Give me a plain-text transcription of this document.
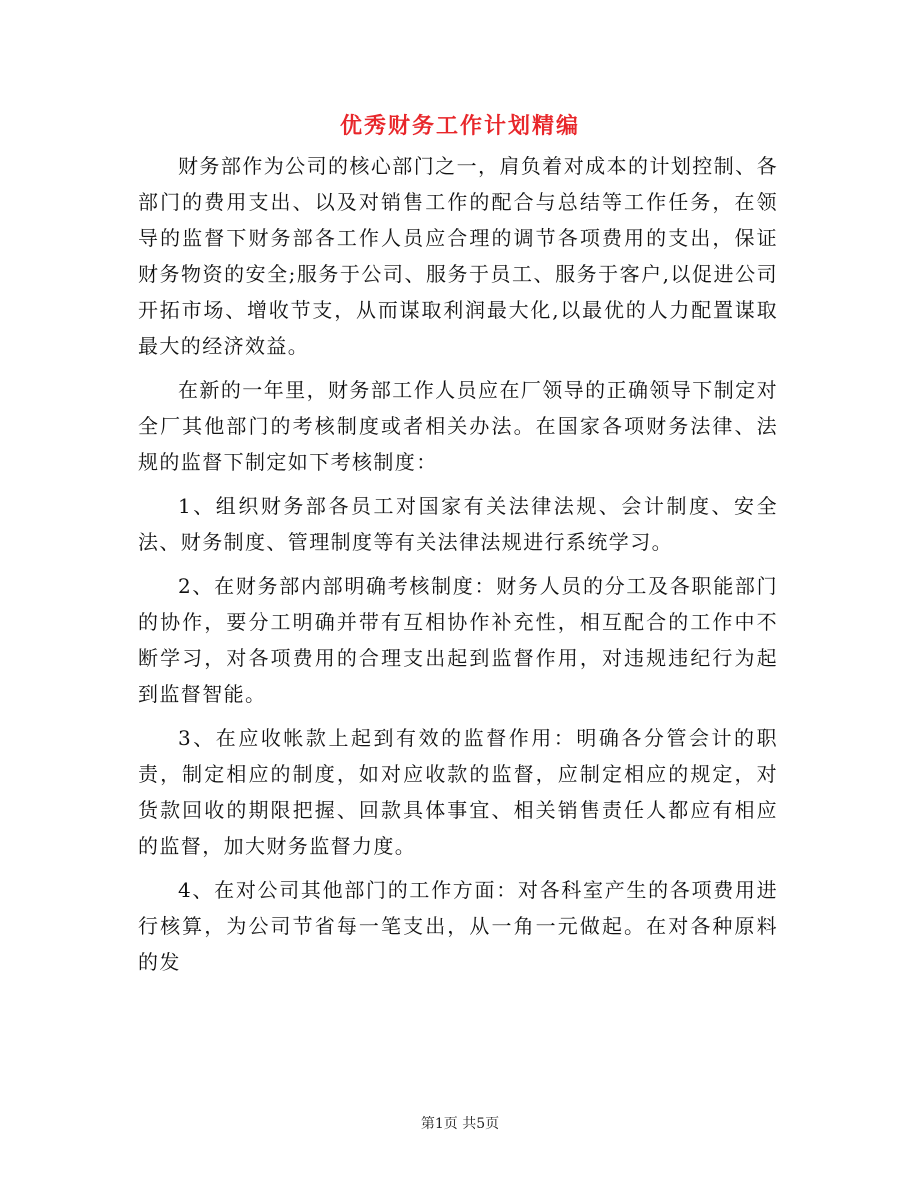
优秀财务工作计划精编

财务部作为公司的核心部门之一，肩负着对成本的计划控制、各部门的费用支出、以及对销售工作的配合与总结等工作任务，在领导的监督下财务部各工作人员应合理的调节各项费用的支出，保证财务物资的安全;服务于公司、服务于员工、服务于客户,以促进公司开拓市场、增收节支，从而谋取利润最大化,以最优的人力配置谋取最大的经济效益。

在新的一年里，财务部工作人员应在厂领导的正确领导下制定对全厂其他部门的考核制度或者相关办法。在国家各项财务法律、法规的监督下制定如下考核制度：

1、组织财务部各员工对国家有关法律法规、会计制度、安全法、财务制度、管理制度等有关法律法规进行系统学习。

2、在财务部内部明确考核制度：财务人员的分工及各职能部门的协作，要分工明确并带有互相协作补充性，相互配合的工作中不断学习，对各项费用的合理支出起到监督作用，对违规违纪行为起到监督智能。

3、在应收帐款上起到有效的监督作用：明确各分管会计的职责，制定相应的制度，如对应收款的监督，应制定相应的规定，对货款回收的期限把握、回款具体事宜、相关销售责任人都应有相应的监督，加大财务监督力度。

4、在对公司其他部门的工作方面：对各科室产生的各项费用进行核算，为公司节省每一笔支出，从一角一元做起。在对各种原料的发

第1页 共5页
